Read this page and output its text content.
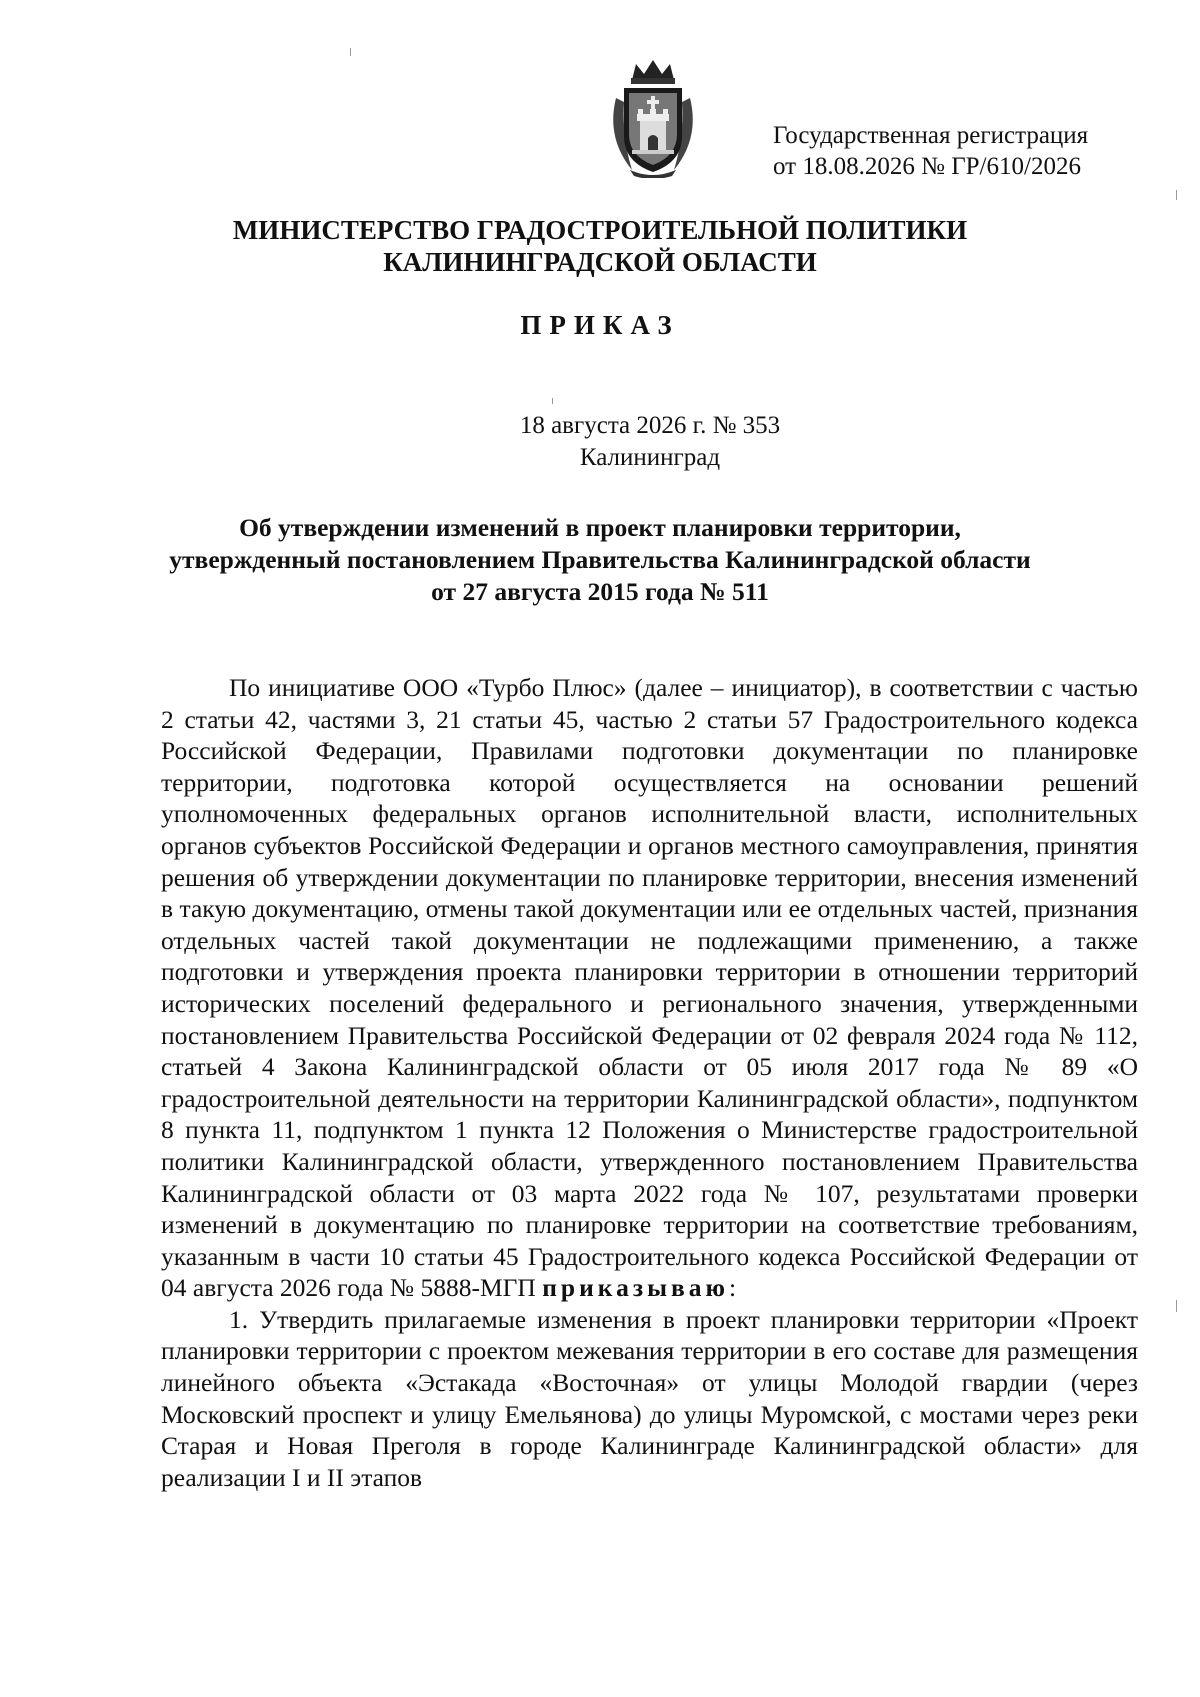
Государственная регистрация
от 18.08.2026 № ГР/610/2026
МИНИСТЕРСТВО ГРАДОСТРОИТЕЛЬНОЙ ПОЛИТИКИ
КАЛИНИНГРАДСКОЙ ОБЛАСТИ
ПРИКАЗ
18 августа 2026 г. № 353
Калининград
Об утверждении изменений в проект планировки территории,
утвержденный постановлением Правительства Калининградской области
от 27 августа 2015 года № 511

По инициативе ООО «Турбо Плюс» (далее – инициатор), в соответствии с частью 2 статьи 42, частями 3, 21 статьи 45, частью 2 статьи 57 Градостроительного кодекса Российской Федерации, Правилами подготовки документации по планировке территории, подготовка которой осуществляется на основании решений уполномоченных федеральных органов исполнительной власти, исполнительных органов субъектов Российской Федерации и органов местного самоуправления, принятия решения об утверждении документации по планировке территории, внесения изменений в такую документацию, отмены такой документации или ее отдельных частей, признания отдельных частей такой документации не подлежащими применению, а также подготовки и утверждения проекта планировки территории в отношении территорий исторических поселений федерального и регионального значения, утвержденными постановлением Правительства Российской Федерации от 02 февраля 2024 года № 112, статьей 4 Закона Калининградской области от 05 июля 2017 года № 89 «О градостроительной деятельности на территории Калининградской области», подпунктом 8 пункта 11, подпунктом 1 пункта 12 Положения о Министерстве градостроительной политики Калининградской области, утвержденного постановлением Правительства Калининградской области от 03 марта 2022 года № 107, результатами проверки изменений в документацию по планировке территории на соответствие требованиям, указанным в части 10 статьи 45 Градостроительного кодекса Российской Федерации от 04 августа 2026 года № 5888-МГП приказываю:

1. Утвердить прилагаемые изменения в проект планировки территории «Проект планировки территории с проектом межевания территории в его составе для размещения линейного объекта «Эстакада «Восточная» от улицы Молодой гвардии (через Московский проспект и улицу Емельянова) до улицы Муромской, с мостами через реки Старая и Новая Преголя в городе Калининграде Калининградской области» для реализации I и II этапов
